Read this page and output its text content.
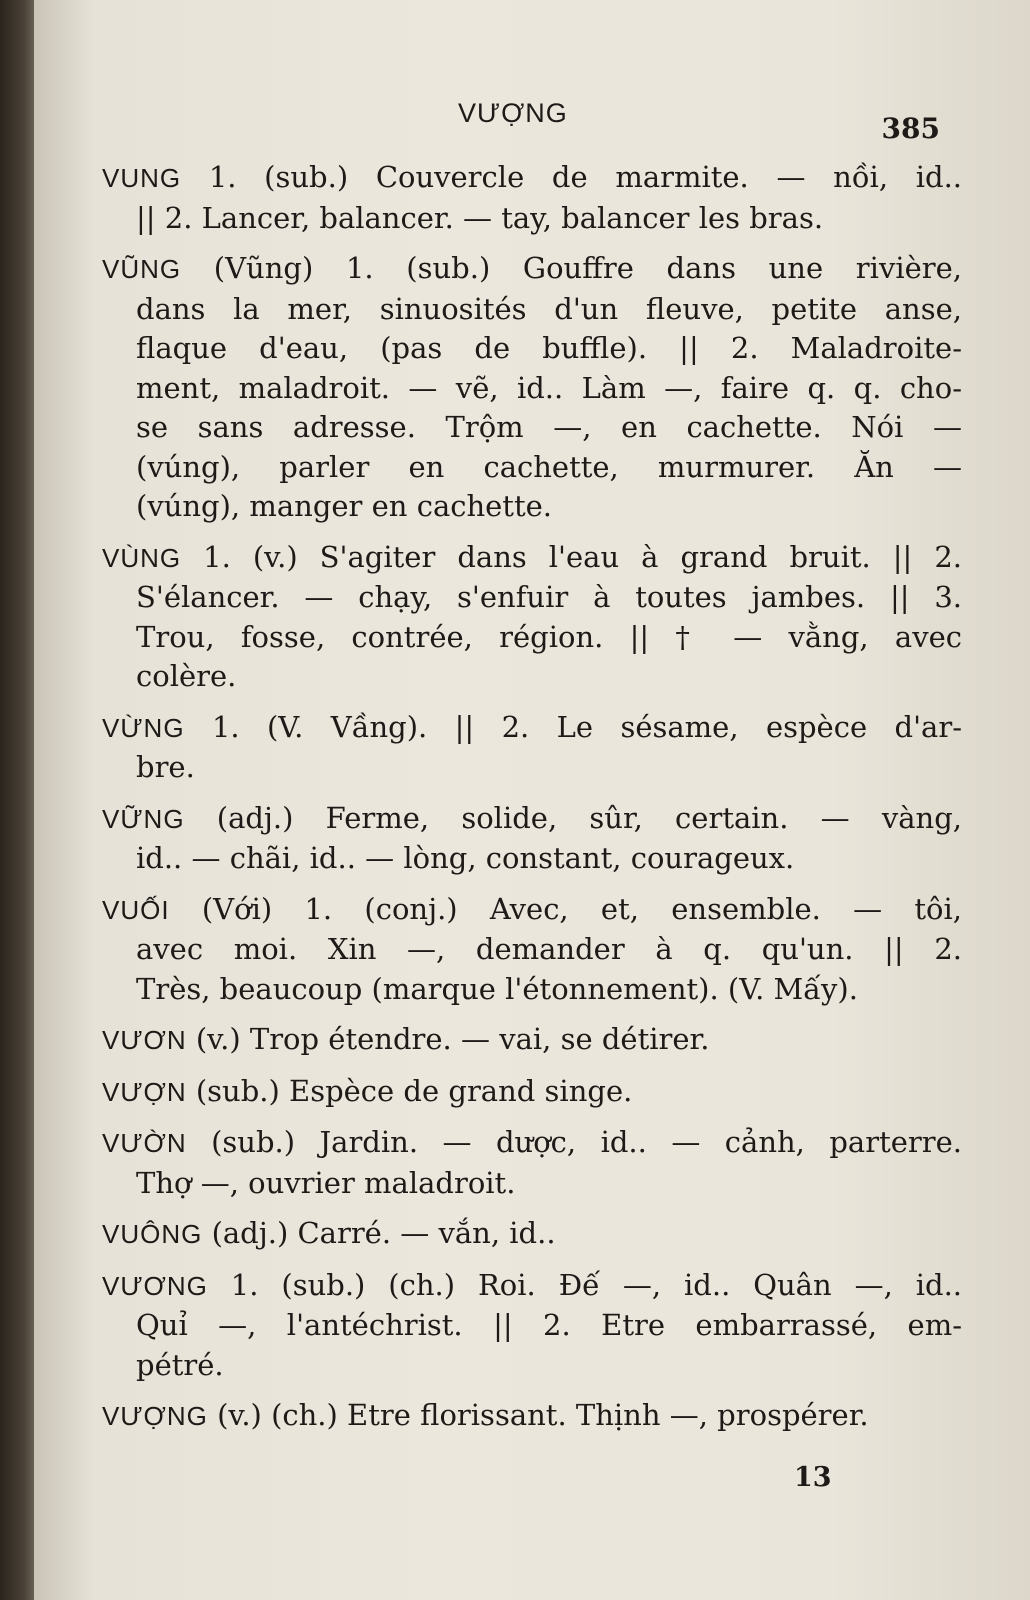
VƯỢNG	385
VUNG 1. (sub.) Couvercle de marmite. — nồi, id..
|| 2. Lancer, balancer. — tay, balancer les bras.
VŨNG (Vũng) 1. (sub.) Gouffre dans une rivière,
dans la mer, sinuosités d'un fleuve, petite anse,
flaque d'eau, (pas de buffle). || 2. Maladroite-
ment, maladroit. — vẽ, id.. Làm —, faire q. q. cho-
se sans adresse. Trộm —, en cachette. Nói —
(vúng), parler en cachette, murmurer. Ăn —
(vúng), manger en cachette.
VÙNG 1. (v.) S'agiter dans l'eau à grand bruit. || 2.
S'élancer. — chạy, s'enfuir à toutes jambes. || 3.
Trou, fosse, contrée, région. || † — vằng, avec
colère.
VỪNG 1. (V. Vầng). || 2. Le sésame, espèce d'ar-
bre.
VỮNG (adj.) Ferme, solide, sûr, certain. — vàng,
id.. — chãi, id.. — lòng, constant, courageux.
VUỐI (Với) 1. (conj.) Avec, et, ensemble. — tôi,
avec moi. Xin —, demander à q. qu'un. || 2.
Très, beaucoup (marque l'étonnement). (V. Mấy).
VƯƠN (v.) Trop étendre. — vai, se détirer.
VƯỢN (sub.) Espèce de grand singe.
VƯỜN (sub.) Jardin. — dược, id.. — cảnh, parterre.
Thợ —, ouvrier maladroit.
VUÔNG (adj.) Carré. — vắn, id..
VƯƠNG 1. (sub.) (ch.) Roi. Đế —, id.. Quân —, id..
Quỉ —, l'antéchrist. || 2. Etre embarrassé, em-
pétré.
VƯỢNG (v.) (ch.) Etre florissant. Thịnh —, prospérer.
13
